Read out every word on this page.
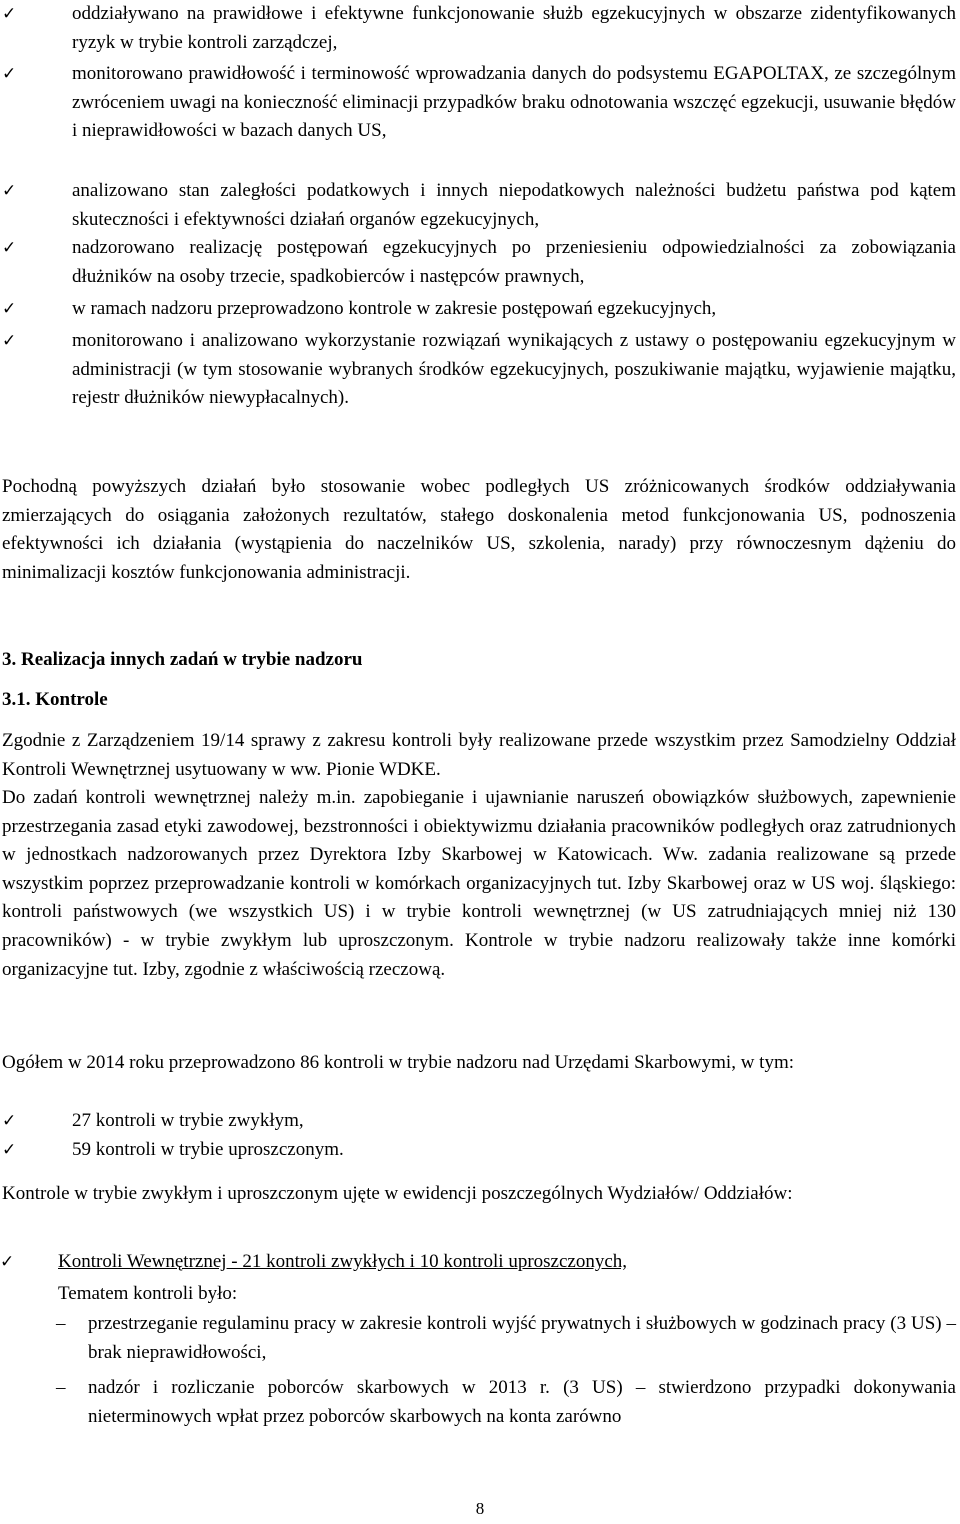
✓	oddziaływano na prawidłowe i efektywne funkcjonowanie służb egzekucyjnych w obszarze zidentyfikowanych ryzyk w trybie kontroli zarządczej,
✓	monitorowano prawidłowość i terminowość wprowadzania danych do podsystemu EGAPOLTAX, ze szczególnym zwróceniem uwagi na konieczność eliminacji przypadków braku odnotowania wszczęć egzekucji, usuwanie błędów i nieprawidłowości w bazach danych US,
✓	analizowano stan zaległości podatkowych i innych niepodatkowych należności budżetu państwa pod kątem skuteczności i efektywności działań organów egzekucyjnych,
✓	nadzorowano realizację postępowań egzekucyjnych po przeniesieniu odpowiedzialności za zobowiązania dłużników na osoby trzecie, spadkobierców i następców prawnych,
✓	w ramach nadzoru przeprowadzono kontrole w zakresie postępowań egzekucyjnych,
✓	monitorowano i analizowano wykorzystanie rozwiązań wynikających z ustawy o postępowaniu egzekucyjnym w administracji (w tym stosowanie wybranych środków egzekucyjnych, poszukiwanie majątku, wyjawienie majątku, rejestr dłużników niewypłacalnych).
Pochodną powyższych działań było stosowanie wobec podległych US zróżnicowanych środków oddziaływania zmierzających do osiągania założonych rezultatów, stałego doskonalenia metod funkcjonowania US, podnoszenia efektywności ich działania (wystąpienia do naczelników US, szkolenia, narady) przy równoczesnym dążeniu do minimalizacji kosztów funkcjonowania administracji.
3. Realizacja innych zadań w trybie nadzoru
3.1. Kontrole
Zgodnie z Zarządzeniem 19/14 sprawy z zakresu kontroli były realizowane przede wszystkim przez Samodzielny Oddział Kontroli Wewnętrznej usytuowany w ww. Pionie WDKE.
Do zadań kontroli wewnętrznej należy m.in. zapobieganie i ujawnianie naruszeń obowiązków służbowych, zapewnienie przestrzegania zasad etyki zawodowej, bezstronności i obiektywizmu działania pracowników podległych oraz zatrudnionych w jednostkach nadzorowanych przez Dyrektora Izby Skarbowej w Katowicach. Ww. zadania realizowane są przede wszystkim poprzez przeprowadzanie kontroli w komórkach organizacyjnych tut. Izby Skarbowej oraz w US woj. śląskiego: kontroli państwowych (we wszystkich US) i w trybie kontroli wewnętrznej (w US zatrudniających mniej niż 130 pracowników) - w trybie zwykłym lub uproszczonym. Kontrole w trybie nadzoru realizowały także inne komórki organizacyjne tut. Izby, zgodnie z właściwością rzeczową.
Ogółem w 2014 roku przeprowadzono 86 kontroli w trybie nadzoru nad Urzędami Skarbowymi, w tym:
✓	27 kontroli w trybie zwykłym,
✓	59 kontroli w trybie uproszczonym.
Kontrole w trybie zwykłym i uproszczonym ujęte w ewidencji poszczególnych Wydziałów/ Oddziałów:
✓	Kontroli Wewnętrznej - 21 kontroli zwykłych i 10 kontroli uproszczonych,
Tematem kontroli było:
–	przestrzeganie regulaminu pracy w zakresie kontroli wyjść prywatnych i służbowych w godzinach pracy (3 US) – brak nieprawidłowości,
–	nadzór i rozliczanie poborców skarbowych w 2013 r. (3 US) – stwierdzono przypadki dokonywania nieterminowych wpłat przez poborców skarbowych na konta zarówno
8
